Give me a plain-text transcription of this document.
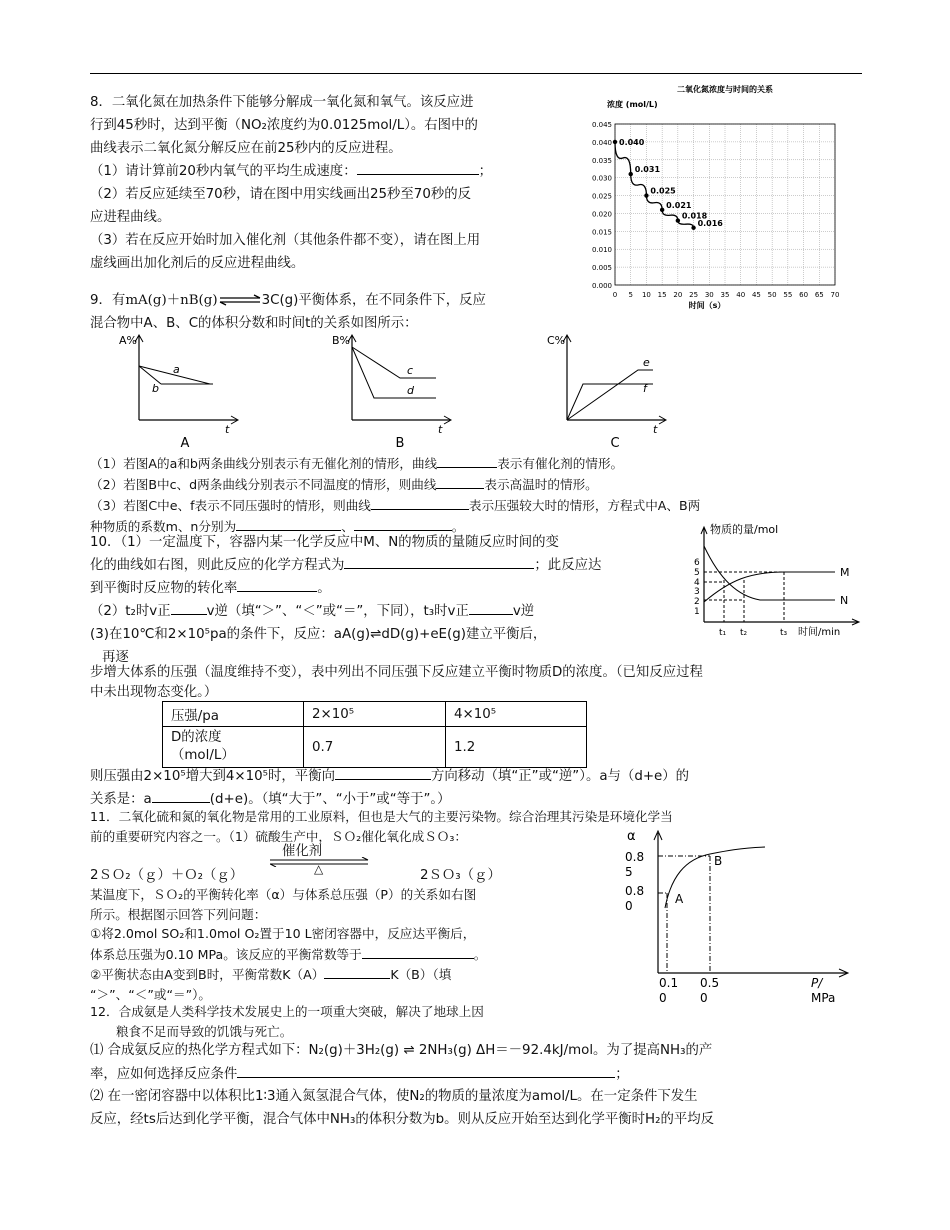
8．二氧化氮在加热条件下能够分解成一氧化氮和氧气。该反应进
行到45秒时，达到平衡（NO₂浓度约为0.0125mol/L）。右图中的
曲线表示二氧化氮分解反应在前25秒内的反应进程。
（1）请计算前20秒内氧气的平均生成速度：	；
（2）若反应延续至70秒，请在图中用实线画出25秒至70秒的反
应进程曲线。
（3）若在反应开始时加入催化剂（其他条件都不变），请在图上用
虚线画出加化剂后的反应进程曲线。
二氧化氮浓度与时间的关系
浓度 (mol/L)
时间（s）
0.000
0.005
0.010
0.015
0.020
0.025
0.030
0.035
0.040
0.045
0 5 10 15 20 25 30 35 40 45 50 55 60 65 70
0.040
0.031
0.025
0.021
0.018
0.016
9．有mA(g)＋nB(g)⇌3C(g)平衡体系，在不同条件下，反应
混合物中A、B、C的体积分数和时间t的关系如图所示：
A%
a
b
t
A
B%
c
d
t
B
C%
e
f
t
C
（1）若图A的a和b两条曲线分别表示有无催化剂的情形，曲线	表示有催化剂的情形。
（2）若图B中c、d两条曲线分别表示不同温度的情形，则曲线	表示高温时的情形。
（3）若图C中e、f表示不同压强时的情形，则曲线	表示压强较大时的情形，方程式中A、B两
种物质的系数m、n分别为	、	。
10．（1）一定温度下，容器内某一化学反应中M、N的物质的量随反应时间的变
化的曲线如右图，则此反应的化学方程式为	；此反应达
到平衡时反应物的转化率	。
（2）t₂时v正	v逆（填“＞”、“＜”或“＝”，下同），t₃时v正	v逆
(3)在10℃和2×10⁵pa的条件下，反应：aA(g)⇌dD(g)+eE(g)建立平衡后，
再逐
物质的量/mol
6
5
4
3
2
1
M
N
t₁ t₂	t₃ 时间/min
步增大体系的压强（温度维持不变），表中列出不同压强下反应建立平衡时物质D的浓度。（已知反应过程
中未出现物态变化。）
压强/pa	2×10⁵	4×10⁵

D的浓度
（mol/L）	0.7	1.2
则压强由2×10⁵增大到4×10⁵时，平衡向	方向移动（填“正”或“逆”）。a与（d+e）的
关系是：a	(d+e)。（填“大于”、“小于”或“等于”。）
11．二氧化硫和氮的氧化物是常用的工业原料，但也是大气的主要污染物。综合治理其污染是环境化学当
前的重要研究内容之一。（1）硫酸生产中，ＳＯ₂催化氧化成ＳＯ₃：
催化剂
△
2ＳＯ₂（ｇ）＋Ｏ₂（ｇ）	2ＳＯ₃（ｇ）
某温度下，ＳＯ₂的平衡转化率（α）与体系总压强（P）的关系如右图
所示。根据图示回答下列问题：
①将2.0mol SO₂和1.0mol O₂置于10 L密闭容器中，反应达平衡后，
体系总压强为0.10 MPa。该反应的平衡常数等于	。
②平衡状态由A变到B时，平衡常数K（A）	K（B）（填
“＞”、“＜”或“＝”）。
α
0.8
5
0.8
0	A
B
0.1
0
0.5
0
P/
MPa
12．合成氨是人类科学技术发展史上的一项重大突破，解决了地球上因
粮食不足而导致的饥饿与死亡。
⑴ 合成氨反应的热化学方程式如下：N₂(g)＋3H₂(g) ⇌ 2NH₃(g) ΔH＝－92.4kJ/mol。为了提高NH₃的产
率，应如何选择反应条件	；
⑵ 在一密闭容器中以体积比1∶3通入氮氢混合气体，使N₂的物质的量浓度为amol/L。在一定条件下发生
反应，经ts后达到化学平衡，混合气体中NH₃的体积分数为b。则从反应开始至达到化学平衡时H₂的平均反
